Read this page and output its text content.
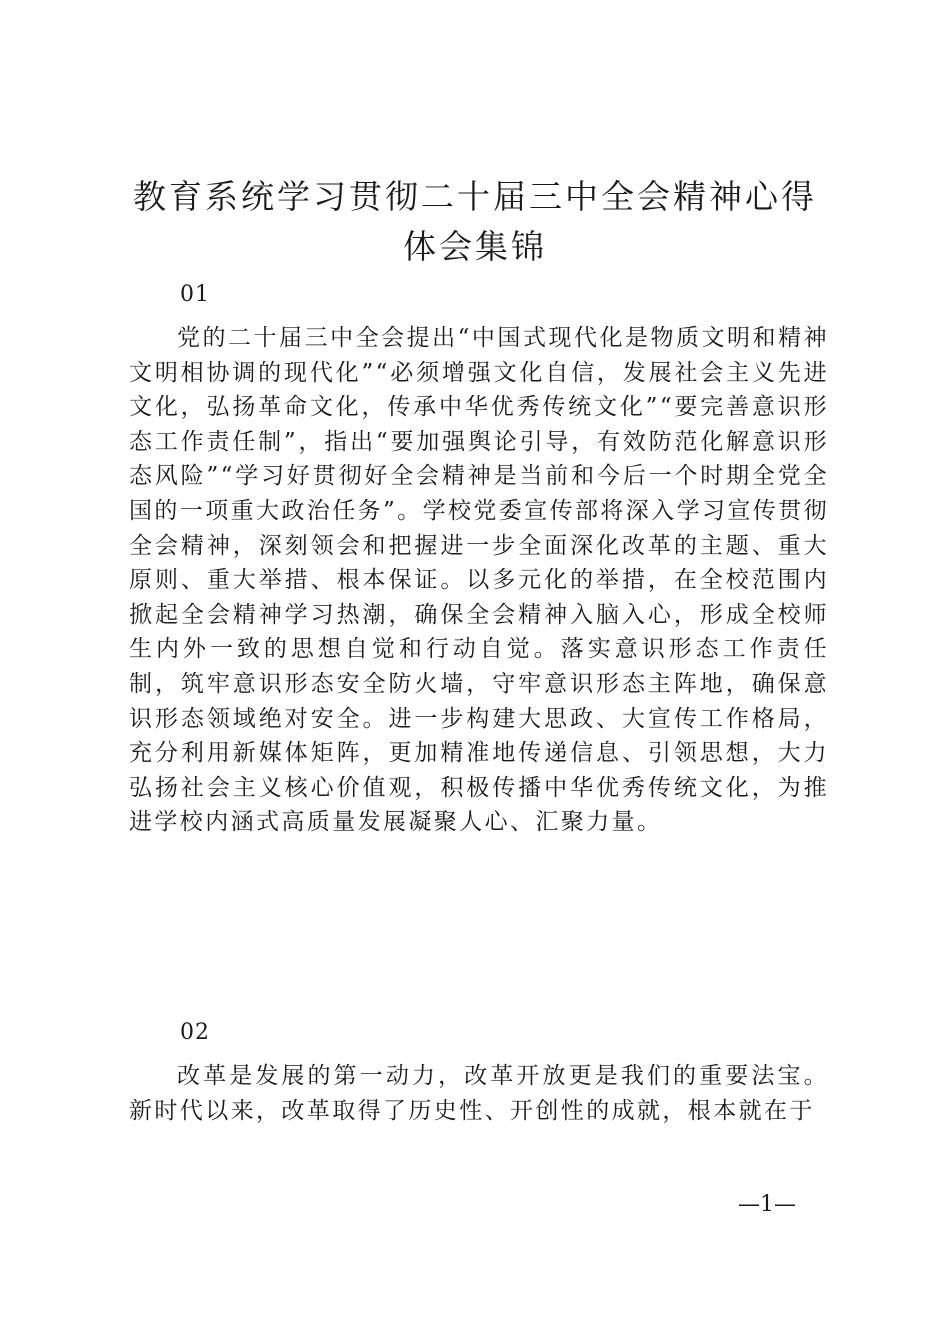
教育系统学习贯彻二十届三中全会精神心得体会集锦
01

党的二十届三中全会提出“中国式现代化是物质文明和精神文明相协调的现代化”“必须增强文化自信，发展社会主义先进文化，弘扬革命文化，传承中华优秀传统文化”“要完善意识形态工作责任制”，指出“要加强舆论引导，有效防范化解意识形态风险”“学习好贯彻好全会精神是当前和今后一个时期全党全国的一项重大政治任务”。学校党委宣传部将深入学习宣传贯彻全会精神，深刻领会和把握进一步全面深化改革的主题、重大原则、重大举措、根本保证。以多元化的举措，在全校范围内掀起全会精神学习热潮，确保全会精神入脑入心，形成全校师生内外一致的思想自觉和行动自觉。落实意识形态工作责任制，筑牢意识形态安全防火墙，守牢意识形态主阵地，确保意识形态领域绝对安全。进一步构建大思政、大宣传工作格局，充分利用新媒体矩阵，更加精准地传递信息、引领思想，大力弘扬社会主义核心价值观，积极传播中华优秀传统文化，为推进学校内涵式高质量发展凝聚人心、汇聚力量。

02

改革是发展的第一动力，改革开放更是我们的重要法宝。新时代以来，改革取得了历史性、开创性的成就，根本就在于

—1—
